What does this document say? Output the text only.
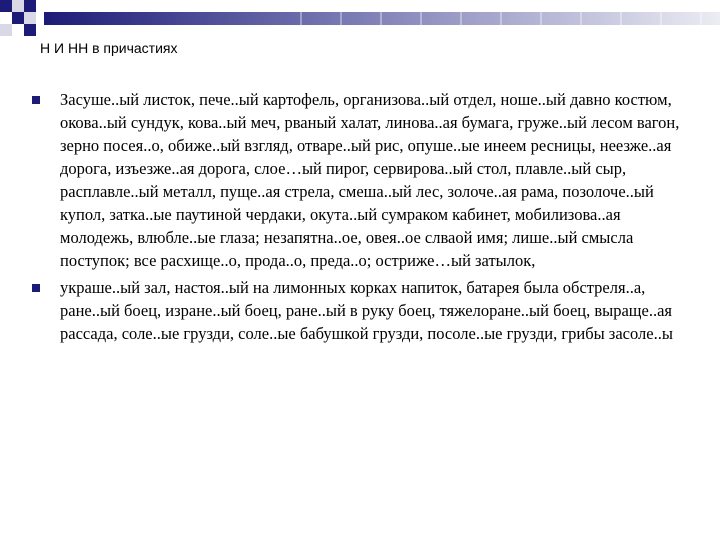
Н И НН в причастиях

Засуше..ый листок, пече..ый картофель, организова..ый отдел, ноше..ый давно костюм, окова..ый сундук, кова..ый меч, рваный халат, линова..ая бумага, груже..ый лесом вагон, зерно посея..о, обиже..ый взгляд, отваре..ый рис, опуше..ые инеем ресницы, неезже..ая дорога, изъезже..ая дорога, слое…ый пирог, сервирова..ый стол, плавле..ый сыр, расплавле..ый металл, пуще..ая стрела, смеша..ый лес, золоче..ая рама, позолоче..ый купол, затка..ые паутиной чердаки, окута..ый сумраком кабинет, мобилизова..ая молодежь, влюбле..ые глаза; незапятна..ое, овея..ое слваой имя; лише..ый смысла поступок; все расхище..о, прода..о, преда..о; остриже…ый затылок,

украше..ый зал, настоя..ый на лимонных корках напиток, батарея была обстреля..а, ране..ый боец, изране..ый боец, ране..ый в руку боец, тяжелоране..ый боец, выраще..ая рассада, соле..ые грузди, соле..ые бабушкой грузди, посоле..ые грузди, грибы засоле..ы
